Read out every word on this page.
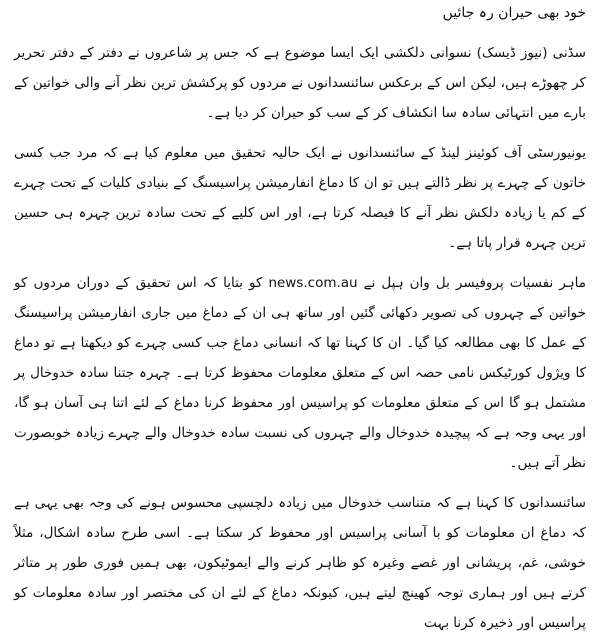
خود بھی حیران رہ جائیں

سڈنی (نیوز ڈیسک) نسوانی دلکشی ایک ایسا موضوع ہے کہ جس پر شاعروں نے دفتر کے دفتر تحریر کر چھوڑے ہیں، لیکن اس کے برعکس سائنسدانوں نے مردوں کو پرکشش ترین نظر آنے والی خواتین کے بارے میں انتہائی سادہ سا انکشاف کر کے سب کو حیران کر دیا ہے۔

یونیورسٹی آف کوئینز لینڈ کے سائنسدانوں نے ایک حالیہ تحقیق میں معلوم کیا ہے کہ مرد جب کسی خاتون کے چہرے پر نظر ڈالتے ہیں تو ان کا دماغ انفارمیشن پراسیسنگ کے بنیادی کلیات کے تحت چہرے کے کم یا زیادہ دلکش نظر آنے کا فیصلہ کرتا ہے، اور اس کلیے کے تحت سادہ ترین چہرہ ہی حسین ترین چہرہ قرار پاتا ہے۔

ماہر نفسیات پروفیسر بل وان ہپل نے news.com.au کو بتایا کہ اس تحقیق کے دوران مردوں کو خواتین کے چہروں کی تصویر دکھائی گئیں اور ساتھ ہی ان کے دماغ میں جاری انفارمیشن پراسیسنگ کے عمل کا بھی مطالعہ کیا گیا۔ ان کا کہنا تھا کہ انسانی دماغ جب کسی چہرے کو دیکھتا ہے تو دماغ کا ویژول کورٹیکس نامی حصہ اس کے متعلق معلومات محفوظ کرتا ہے۔ چہرہ جتنا سادہ خدوخال پر مشتمل ہو گا اس کے متعلق معلومات کو پراسیس اور محفوظ کرنا دماغ کے لئے اتنا ہی آسان ہو گا، اور یہی وجہ ہے کہ پیچیدہ خدوخال والے چہروں کی نسبت سادہ خدوخال والے چہرے زیادہ خوبصورت نظر آتے ہیں۔

سائنسدانوں کا کہنا ہے کہ متناسب خدوخال میں زیادہ دلچسپی محسوس ہونے کی وجہ بھی یہی ہے کہ دماغ ان معلومات کو با آسانی پراسیس اور محفوظ کر سکتا ہے۔ اسی طرح سادہ اشکال، مثلاً خوشی، غم، پریشانی اور غصے وغیرہ کو ظاہر کرنے والے ایموٹیکون، بھی ہمیں فوری طور پر متاثر کرتے ہیں اور ہماری توجہ کھینچ لیتے ہیں، کیونکہ دماغ کے لئے ان کی مختصر اور سادہ معلومات کو پراسیس اور ذخیرہ کرنا بہت
